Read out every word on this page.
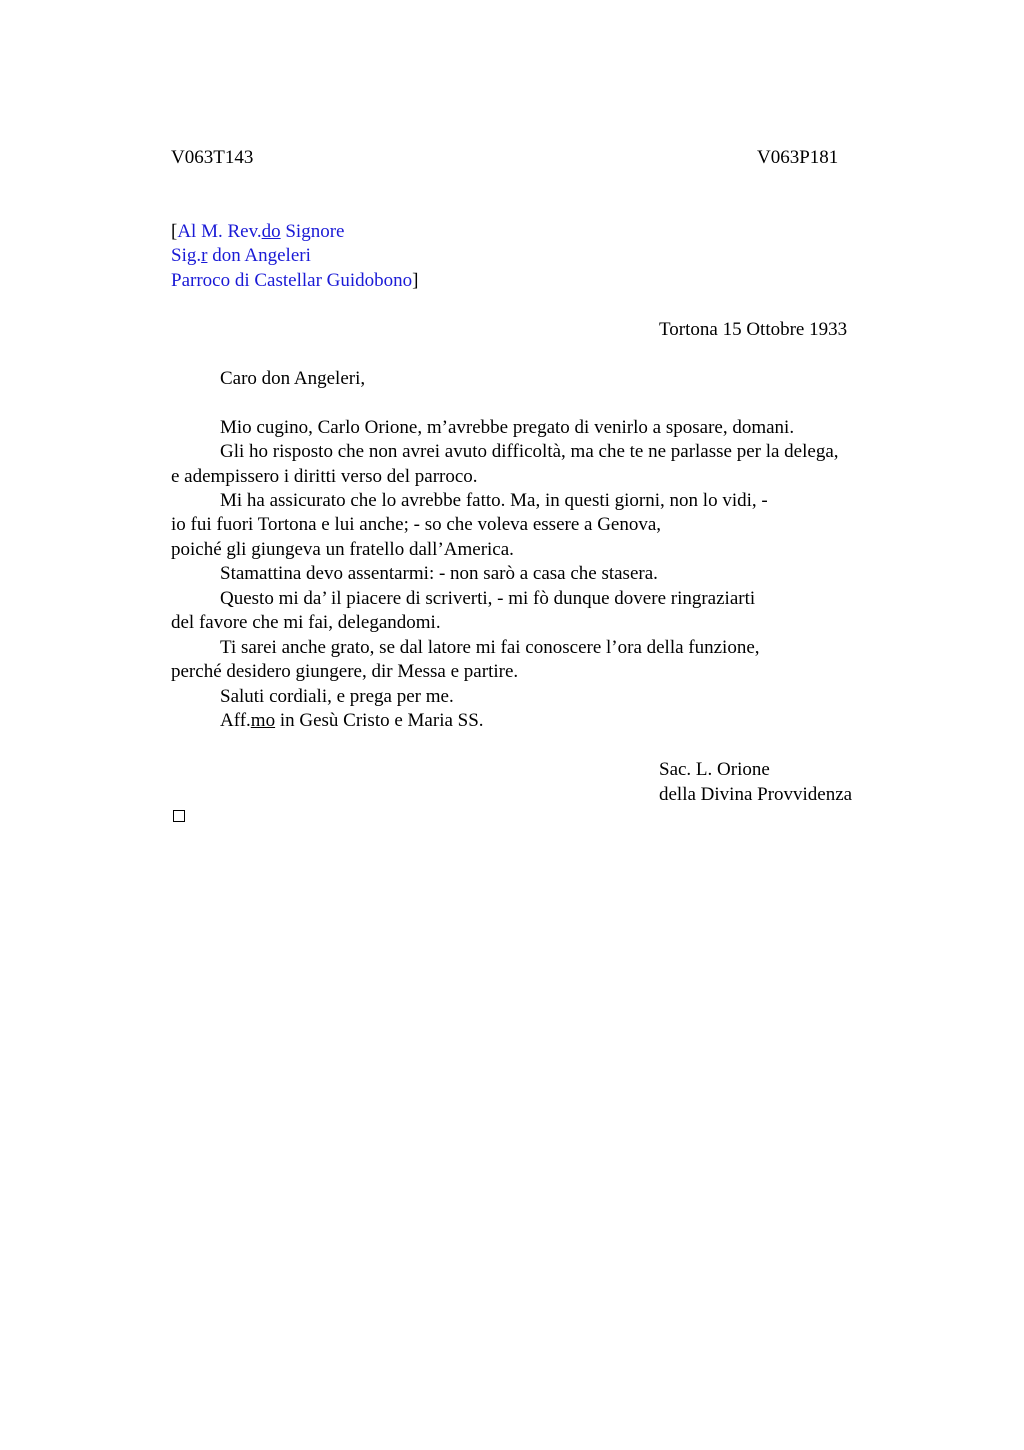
V063T143	V063P181
[Al M. Rev.do Signore
Sig.r don Angeleri
Parroco di Castellar Guidobono]
Tortona 15 Ottobre 1933
Caro don Angeleri,
Mio cugino, Carlo Orione, m’avrebbe pregato di venirlo a sposare, domani.
Gli ho risposto che non avrei avuto difficoltà, ma che te ne parlasse per la delega,
e adempissero i diritti verso del parroco.
Mi ha assicurato che lo avrebbe fatto. Ma, in questi giorni, non lo vidi, -
io fui fuori Tortona e lui anche; - so che voleva essere a Genova,
poiché gli giungeva un fratello dall’America.
Stamattina devo assentarmi: - non sarò a casa che stasera.
Questo mi da’ il piacere di scriverti, - mi fò dunque dovere ringraziarti
del favore che mi fai, delegandomi.
Ti sarei anche grato, se dal latore mi fai conoscere l’ora della funzione,
perché desidero giungere, dir Messa e partire.
Saluti cordiali, e prega per me.
Aff.mo in Gesù Cristo e Maria SS.
Sac. L. Orione
della Divina Provvidenza
